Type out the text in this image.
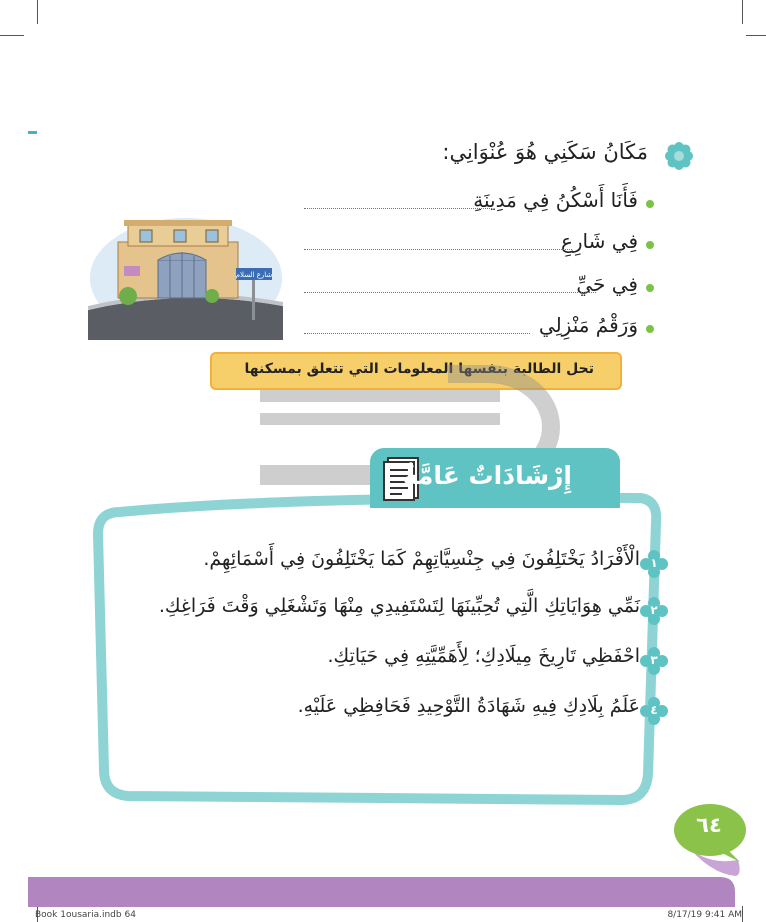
مَكَانُ سَكَنِي هُوَ عُنْوَانِي:
فَأَنَا أَسْكُنُ فِي مَدِينَةِ
فِي شَارِعِ
فِي حَيِّ
وَرَقْمُ مَنْزِلِي
شارع السلام
تحل الطالبة بنفسها المعلومات التي تتعلق بمسكنها
إِرْشَادَاتٌ عَامَّةٌ
١
الْأَفْرَادُ يَخْتَلِفُونَ فِي جِنْسِيَّاتِهِمْ كَمَا يَخْتَلِفُونَ فِي أَسْمَائِهِمْ.
٢
نَمِّي هِوَايَاتِكِ الَّتِي تُحِبِّينَهَا لِتَسْتَفِيدِي مِنْهَا وَتَشْغَلِي وَقْتَ فَرَاغِكِ.
٣
احْفَظِي تَارِيخَ مِيلَادِكِ؛ لِأَهَمِّيَّتِهِ فِي حَيَاتِكِ.
٤
عَلَمُ بِلَادِكِ فِيهِ شَهَادَةُ التَّوْحِيدِ فَحَافِظِي عَلَيْهِ.
٦٤
Book 1ousaria.indb 64	8/17/19 9:41 AM
